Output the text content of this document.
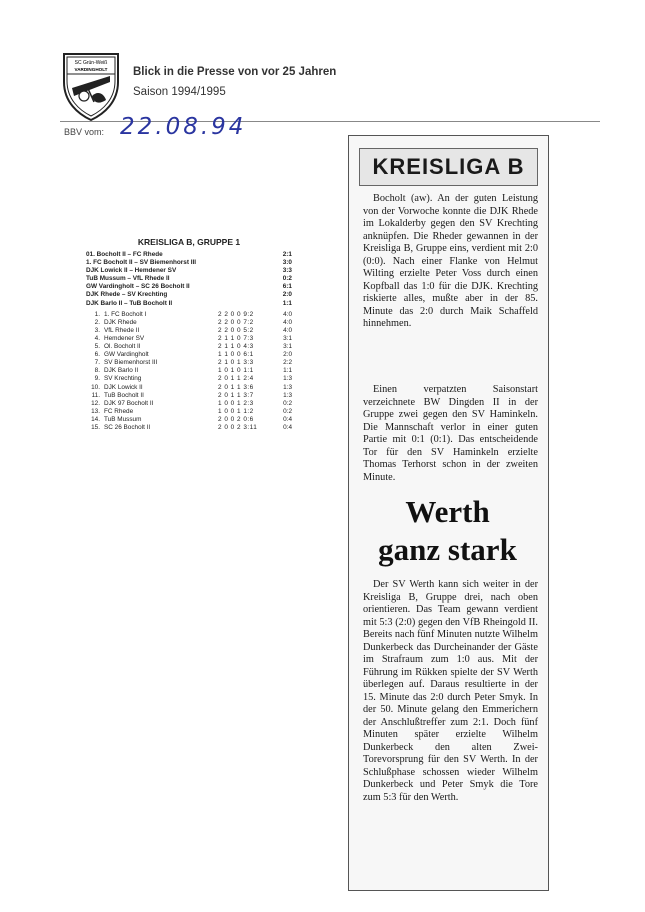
SC Grün-Weiß
VARDINGHOLT Blick in die Presse von vor 25 Jahren
Saison 1994/1995
BBV vom: 22.08.94
KREISLIGA B, GRUPPE 1
01. Bocholt II – FC Rhede	2:1
1. FC Bocholt II – SV Biemenhorst III	3:0
DJK Lowick II – Hemdener SV	3:3
TuB Mussum – VfL Rhede II	0:2
GW Vardingholt – SC 26 Bocholt II	6:1
DJK Rhede – SV Krechting	2:0
DJK Barlo II – TuB Bocholt II	1:1
1. 1. FC Bocholt I	2 2 0 0 9:2	4:0
2. DJK Rhede	2 2 0 0 7:2	4:0
3. VfL Rhede II	2 2 0 0 5:2	4:0
4. Hemdener SV	2 1 1 0 7:3	3:1
5. Ol. Bocholt II	2 1 1 0 4:3	3:1
6. GW Vardingholt	1 1 0 0 6:1	2:0
7. SV Biemenhorst III	2 1 0 1 3:3	2:2
8. DJK Barlo II	1 0 1 0 1:1	1:1
9. SV Krechting	2 0 1 1 2:4	1:3
10. DJK Lowick II	2 0 1 1 3:6	1:3
11. TuB Bocholt II	2 0 1 1 3:7	1:3
12. DJK 97 Bocholt II	1 0 0 1 2:3	0:2
13. FC Rhede	1 0 0 1 1:2	0:2
14. TuB Mussum	2 0 0 2 0:6	0:4
15. SC 26 Bocholt II	2 0 0 2 3:11	0:4
KREISLIGA B

Bocholt (aw). An der guten Leistung von der Vorwoche konnte die DJK Rhede im Lokalderby gegen den SV Krechting anknüpfen. Die Rheder gewannen in der Kreisliga B, Gruppe eins, verdient mit 2:0 (0:0). Nach einer Flanke von Helmut Wilting erzielte Peter Voss durch einen Kopfball das 1:0 für die DJK. Krechting riskierte alles, mußte aber in der 85. Minute das 2:0 durch Maik Schaffeld hinnehmen.

Einen verpatzten Saisonstart verzeichnete BW Dingden II in der Gruppe zwei gegen den SV Haminkeln. Die Mannschaft verlor in einer guten Partie mit 0:1 (0:1). Das entscheidende Tor für den SV Haminkeln erzielte Thomas Terhorst schon in der zweiten Minute.

Werth
ganz stark

Der SV Werth kann sich weiter in der Kreisliga B, Gruppe drei, nach oben orientieren. Das Team gewann verdient mit 5:3 (2:0) gegen den VfB Rheingold II. Bereits nach fünf Minuten nutzte Wilhelm Dunkerbeck das Durcheinander der Gäste im Strafraum zum 1:0 aus. Mit der Führung im Rükken spielte der SV Werth überlegen auf. Daraus resultierte in der 15. Minute das 2:0 durch Peter Smyk. In der 50. Minute gelang den Emmerichern der Anschlußtreffer zum 2:1. Doch fünf Minuten später erzielte Wilhelm Dunkerbeck den alten Zwei-Torevorsprung für den SV Werth. In der Schlußphase schossen wieder Wilhelm Dunkerbeck und Peter Smyk die Tore zum 5:3 für den Werth.
